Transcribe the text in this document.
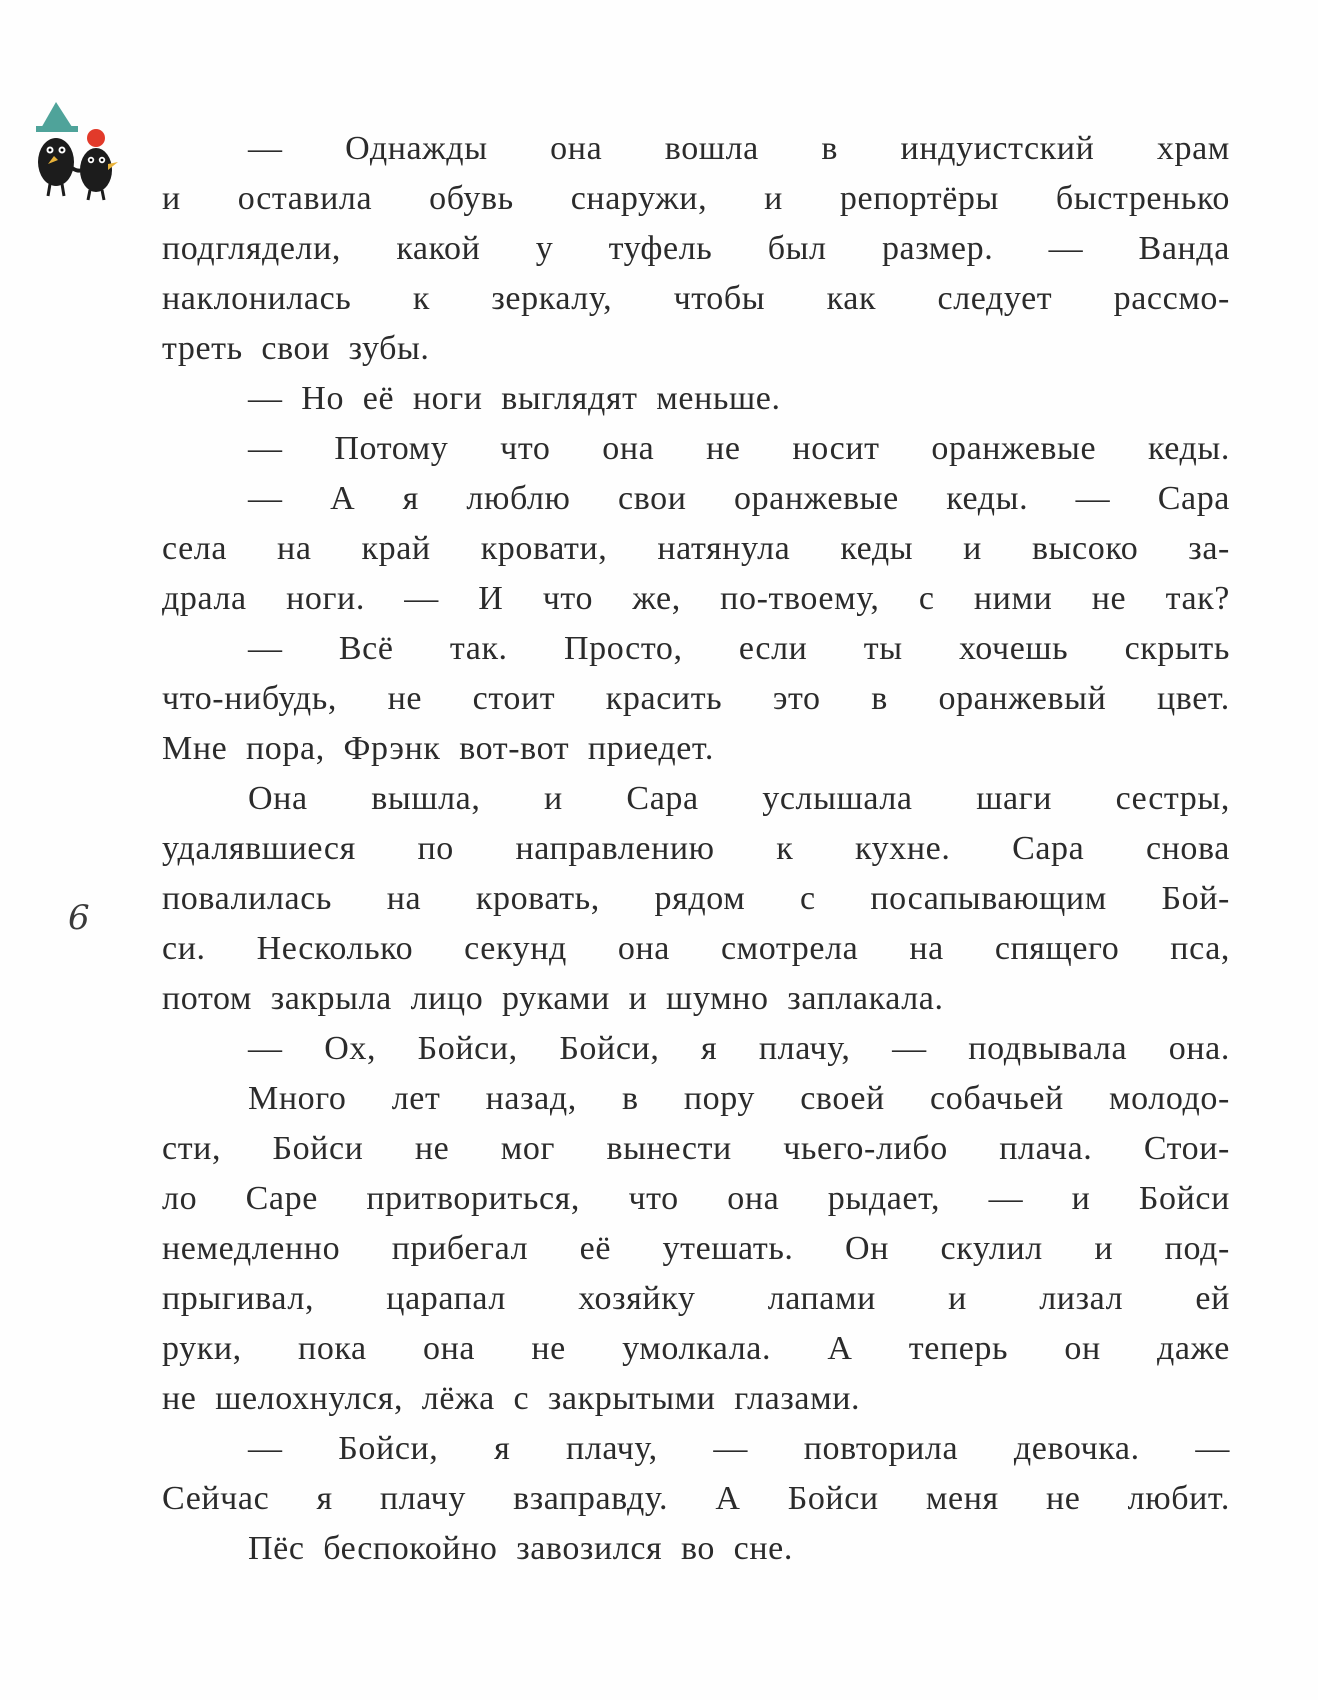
6
— Однажды она вошла в индуистский храм
и оставила обувь снаружи, и репортёры быстренько
подглядели, какой у туфель был размер. — Ванда
наклонилась к зеркалу, чтобы как следует рассмо-
треть свои зубы.
— Но её ноги выглядят меньше.
— Потому что она не носит оранжевые кеды.
— А я люблю свои оранжевые кеды. — Сара
села на край кровати, натянула кеды и высоко за-
драла ноги. — И что же, по-твоему, с ними не так?
— Всё так. Просто, если ты хочешь скрыть
что-нибудь, не стоит красить это в оранжевый цвет.
Мне пора, Фрэнк вот-вот приедет.
Она вышла, и Сара услышала шаги сестры,
удалявшиеся по направлению к кухне. Сара снова
повалилась на кровать, рядом с посапывающим Бой-
си. Несколько секунд она смотрела на спящего пса,
потом закрыла лицо руками и шумно заплакала.
— Ох, Бойси, Бойси, я плачу, — подвывала она.
Много лет назад, в пору своей собачьей молодо-
сти, Бойси не мог вынести чьего-либо плача. Стои-
ло Саре притвориться, что она рыдает, — и Бойси
немедленно прибегал её утешать. Он скулил и под-
прыгивал, царапал хозяйку лапами и лизал ей
руки, пока она не умолкала. А теперь он даже
не шелохнулся, лёжа с закрытыми глазами.
— Бойси, я плачу, — повторила девочка. —
Сейчас я плачу взаправду. А Бойси меня не любит.
Пёс беспокойно завозился во сне.
